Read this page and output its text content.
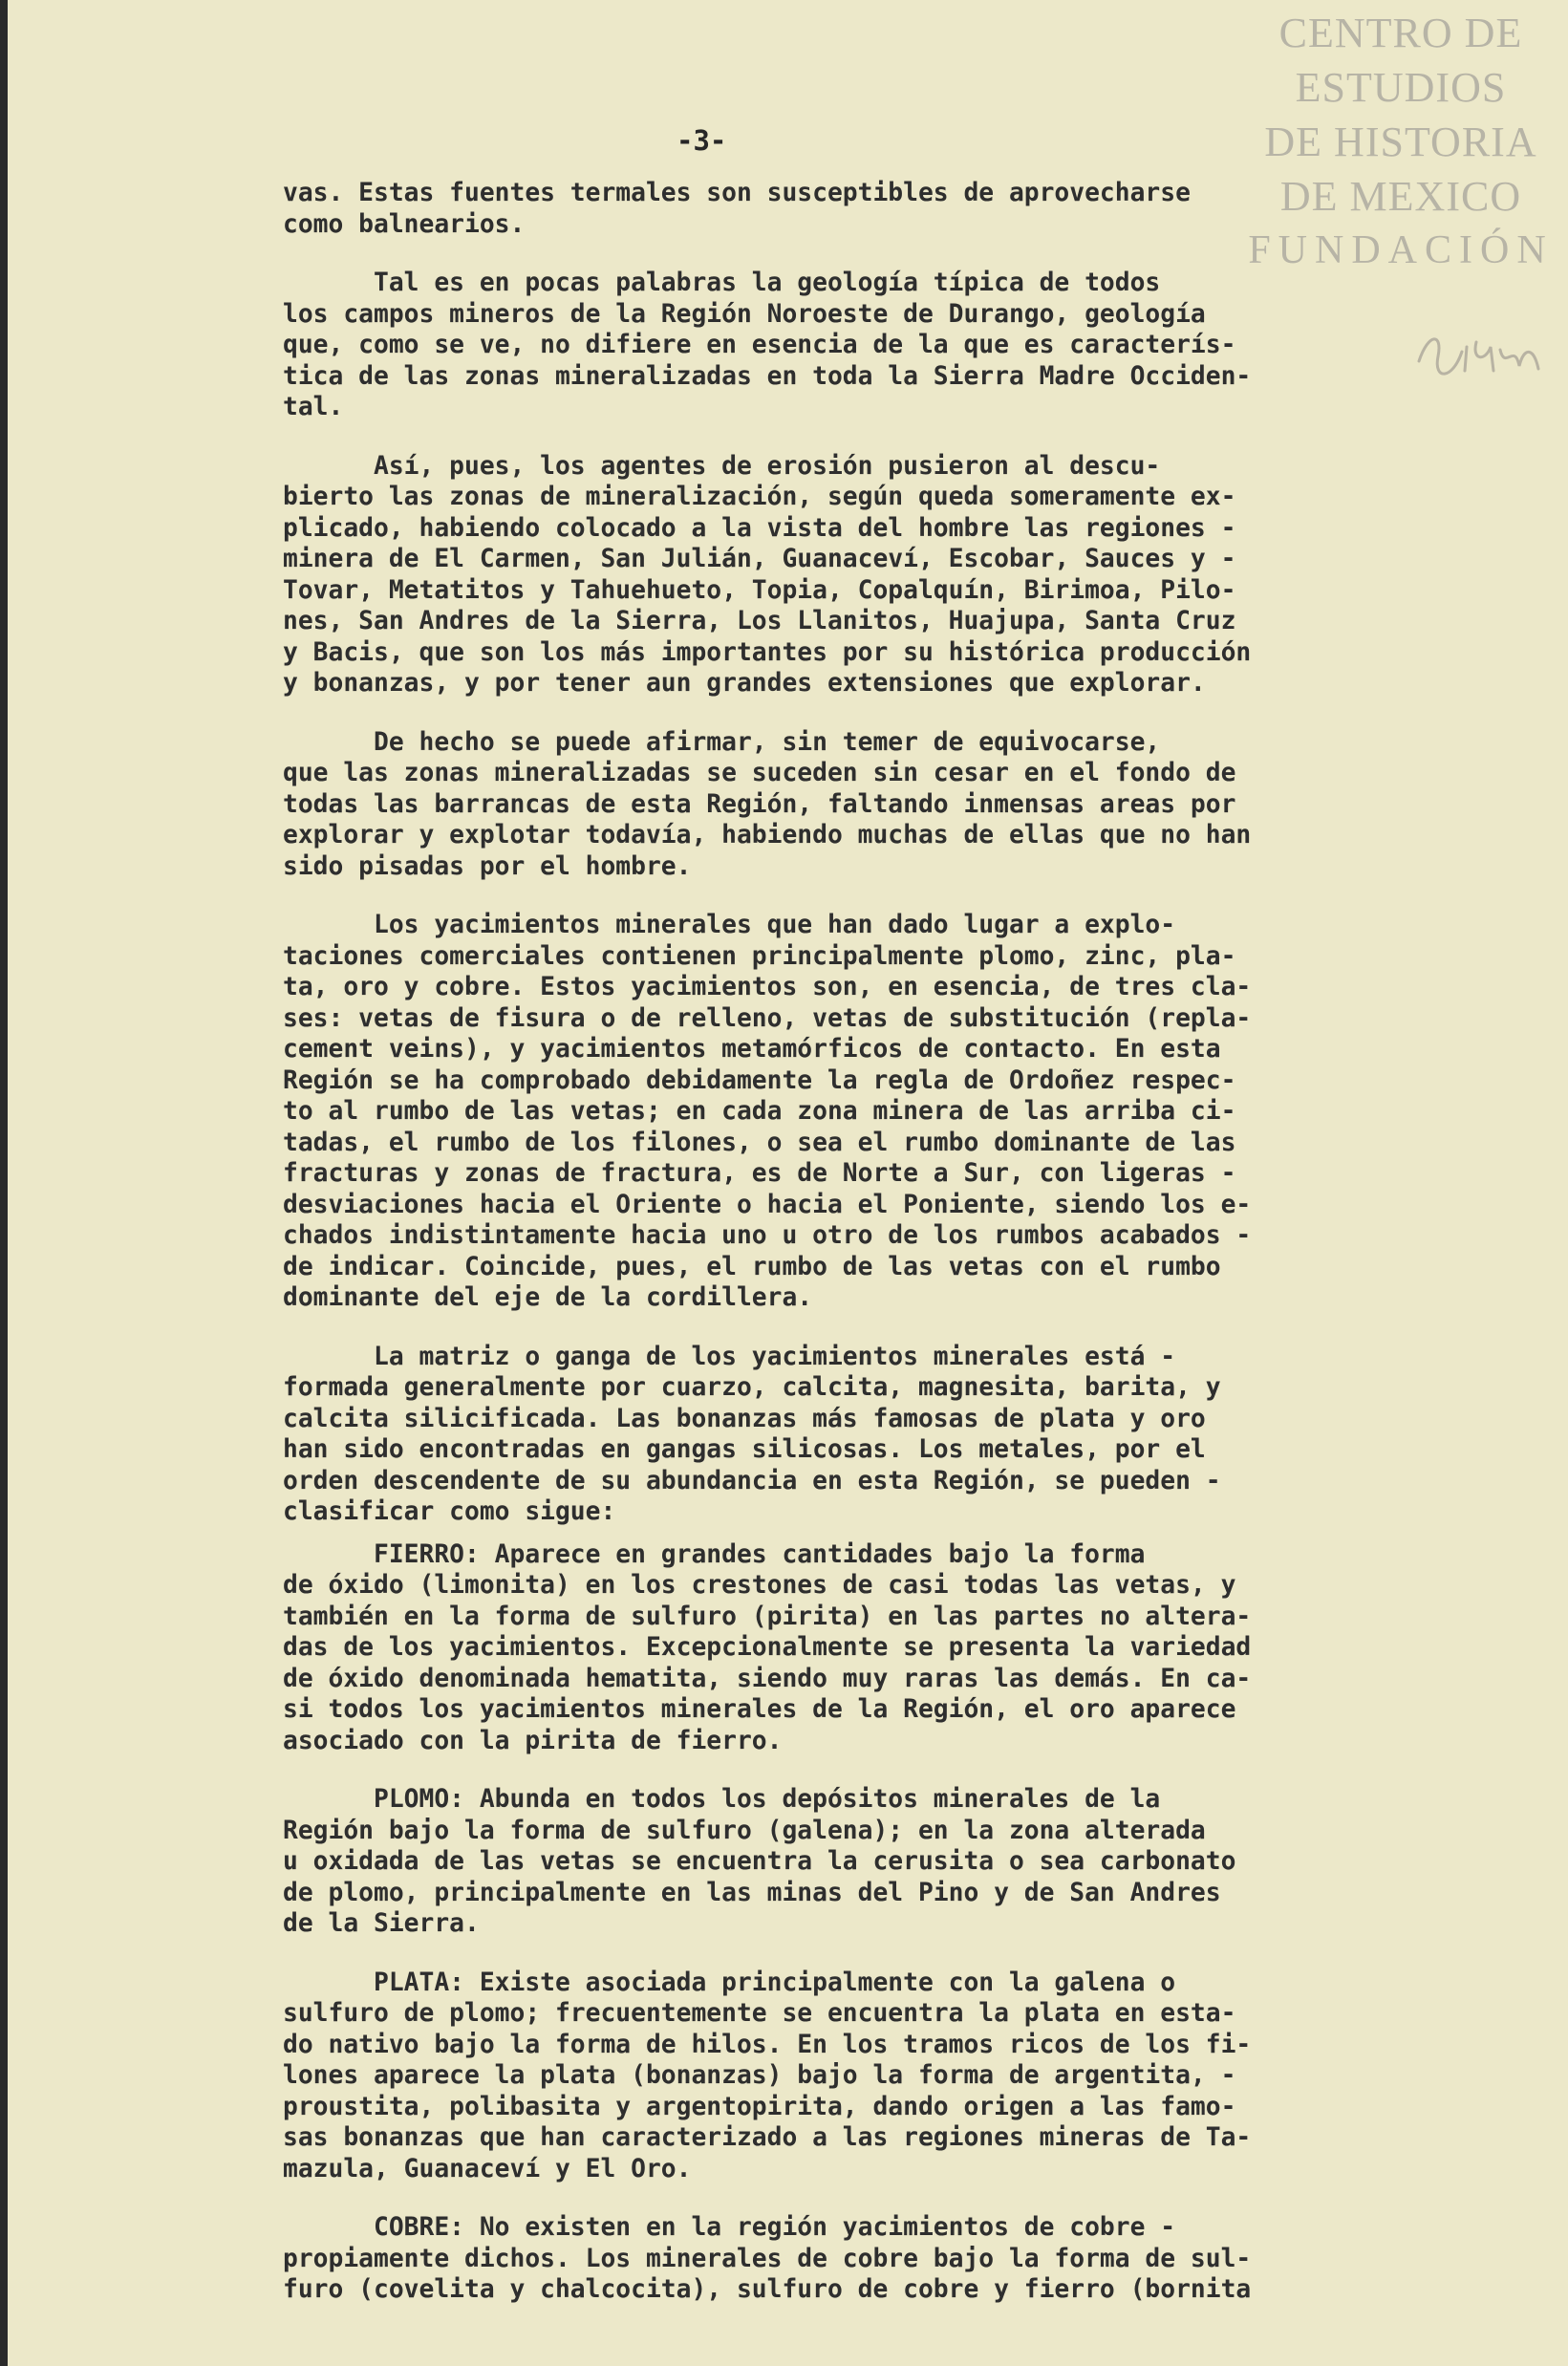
CENTRO DE
ESTUDIOS
DE HISTORIA
DE MEXICO
FUNDACIÓN
-3-

vas. Estas fuentes termales son susceptibles de aprovecharse
como balnearios.

Tal es en pocas palabras la geología típica de todos
los campos mineros de la Región Noroeste de Durango, geología
que, como se ve, no difiere en esencia de la que es caracterís-
tica de las zonas mineralizadas en toda la Sierra Madre Occiden-
tal.

Así, pues, los agentes de erosión pusieron al descu-
bierto las zonas de mineralización, según queda someramente ex-
plicado, habiendo colocado a la vista del hombre las regiones -
minera de El Carmen, San Julián, Guanaceví, Escobar, Sauces y -
Tovar, Metatitos y Tahuehueto, Topia, Copalquín, Birimoa, Pilo-
nes, San Andres de la Sierra, Los Llanitos, Huajupa, Santa Cruz
y Bacis, que son los más importantes por su histórica producción
y bonanzas, y por tener aun grandes extensiones que explorar.

De hecho se puede afirmar, sin temer de equivocarse,
que las zonas mineralizadas se suceden sin cesar en el fondo de
todas las barrancas de esta Región, faltando inmensas areas por
explorar y explotar todavía, habiendo muchas de ellas que no han
sido pisadas por el hombre.

Los yacimientos minerales que han dado lugar a explo-
taciones comerciales contienen principalmente plomo, zinc, pla-
ta, oro y cobre. Estos yacimientos son, en esencia, de tres cla-
ses: vetas de fisura o de relleno, vetas de substitución (repla-
cement veins), y yacimientos metamórficos de contacto. En esta
Región se ha comprobado debidamente la regla de Ordoñez respec-
to al rumbo de las vetas; en cada zona minera de las arriba ci-
tadas, el rumbo de los filones, o sea el rumbo dominante de las
fracturas y zonas de fractura, es de Norte a Sur, con ligeras -
desviaciones hacia el Oriente o hacia el Poniente, siendo los e-
chados indistintamente hacia uno u otro de los rumbos acabados -
de indicar. Coincide, pues, el rumbo de las vetas con el rumbo
dominante del eje de la cordillera.

La matriz o ganga de los yacimientos minerales está -
formada generalmente por cuarzo, calcita, magnesita, barita, y
calcita silicificada. Las bonanzas más famosas de plata y oro
han sido encontradas en gangas silicosas. Los metales, por el
orden descendente de su abundancia en esta Región, se pueden -
clasificar como sigue:

FIERRO: Aparece en grandes cantidades bajo la forma
de óxido (limonita) en los crestones de casi todas las vetas, y
también en la forma de sulfuro (pirita) en las partes no altera-
das de los yacimientos. Excepcionalmente se presenta la variedad
de óxido denominada hematita, siendo muy raras las demás. En ca-
si todos los yacimientos minerales de la Región, el oro aparece
asociado con la pirita de fierro.

PLOMO: Abunda en todos los depósitos minerales de la
Región bajo la forma de sulfuro (galena); en la zona alterada
u oxidada de las vetas se encuentra la cerusita o sea carbonato
de plomo, principalmente en las minas del Pino y de San Andres
de la Sierra.

PLATA: Existe asociada principalmente con la galena o
sulfuro de plomo; frecuentemente se encuentra la plata en esta-
do nativo bajo la forma de hilos. En los tramos ricos de los fi-
lones aparece la plata (bonanzas) bajo la forma de argentita, -
proustita, polibasita y argentopirita, dando origen a las famo-
sas bonanzas que han caracterizado a las regiones mineras de Ta-
mazula, Guanaceví y El Oro.

COBRE: No existen en la región yacimientos de cobre -
propiamente dichos. Los minerales de cobre bajo la forma de sul-
furo (covelita y chalcocita), sulfuro de cobre y fierro (bornita
